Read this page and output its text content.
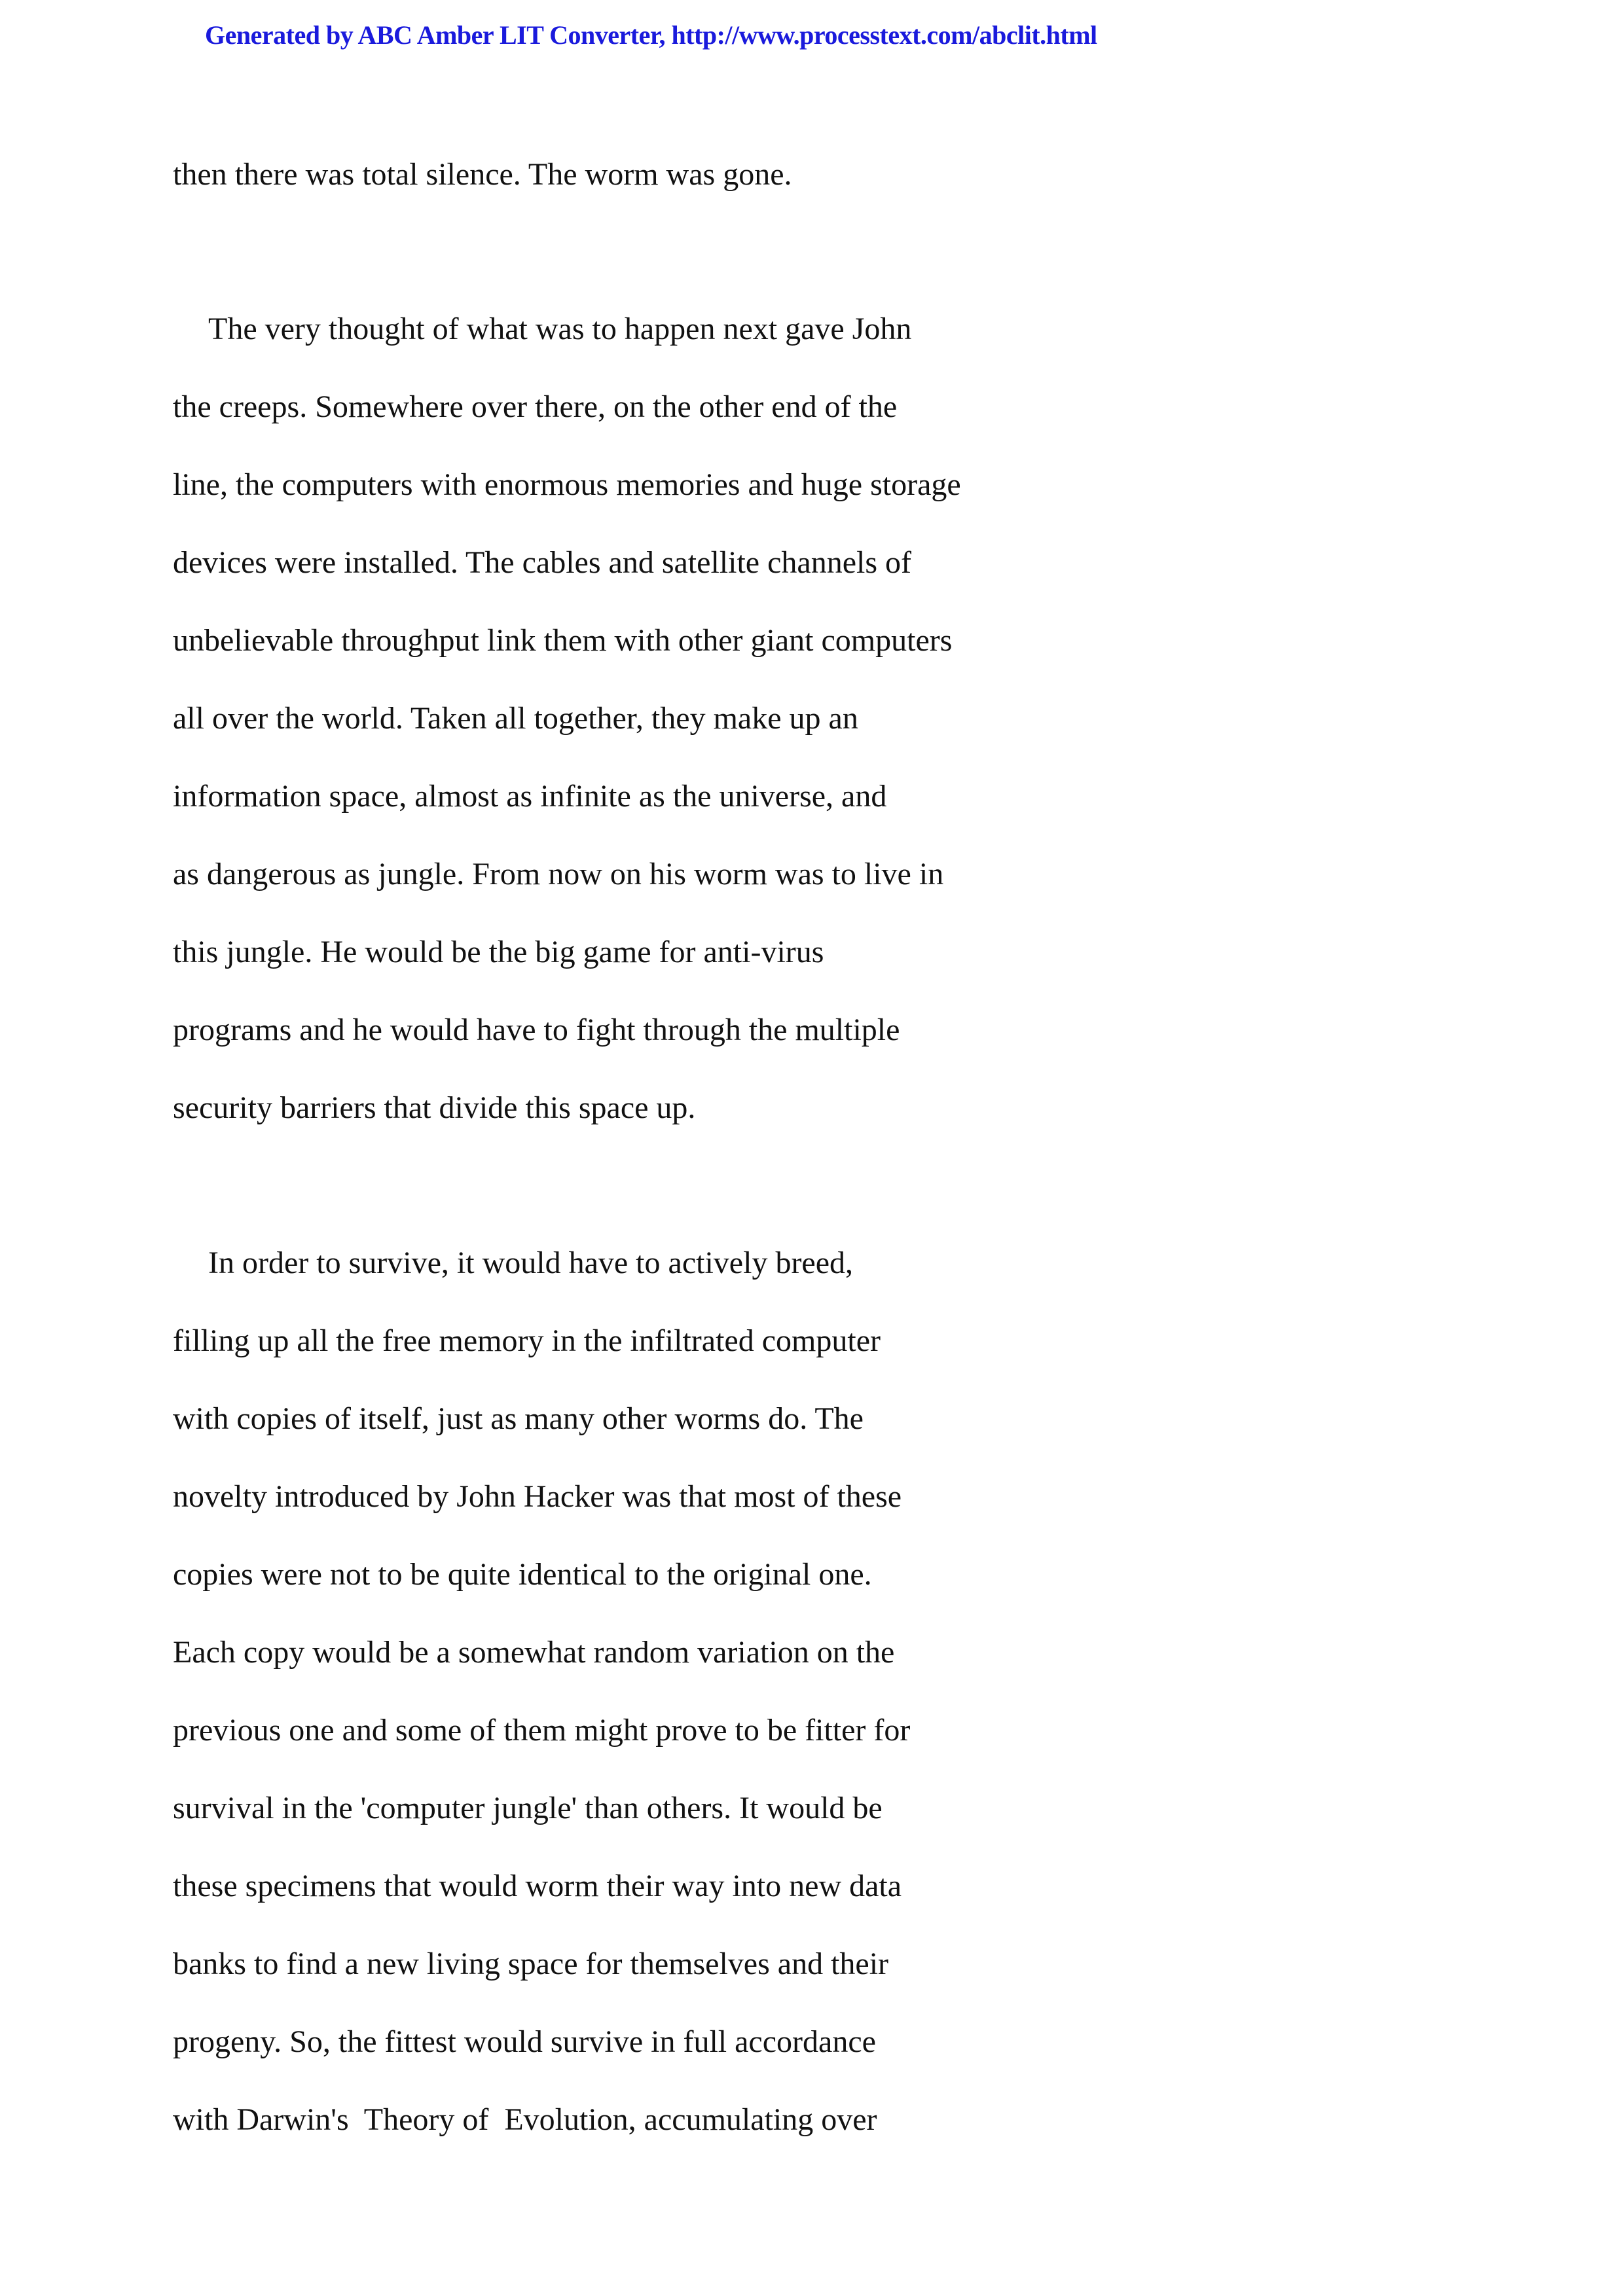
Generated by ABC Amber LIT Converter, http://www.processtext.com/abclit.html
then there was total silence. The worm was gone.
The very thought of what was to happen next gave John
the creeps. Somewhere over there, on the other end of the
line, the computers with enormous memories and huge storage
devices were installed. The cables and satellite channels of
unbelievable throughput link them with other giant computers
all over the world. Taken all together, they make up an
information space, almost as infinite as the universe, and
as dangerous as jungle. From now on his worm was to live in
this jungle. He would be the big game for anti-virus
programs and he would have to fight through the multiple
security barriers that divide this space up.
In order to survive, it would have to actively breed,
filling up all the free memory in the infiltrated computer
with copies of itself, just as many other worms do. The
novelty introduced by John Hacker was that most of these
copies were not to be quite identical to the original one.
Each copy would be a somewhat random variation on the
previous one and some of them might prove to be fitter for
survival in the 'computer jungle' than others. It would be
these specimens that would worm their way into new data
banks to find a new living space for themselves and their
progeny. So, the fittest would survive in full accordance
with Darwin's  Theory of  Evolution, accumulating over
